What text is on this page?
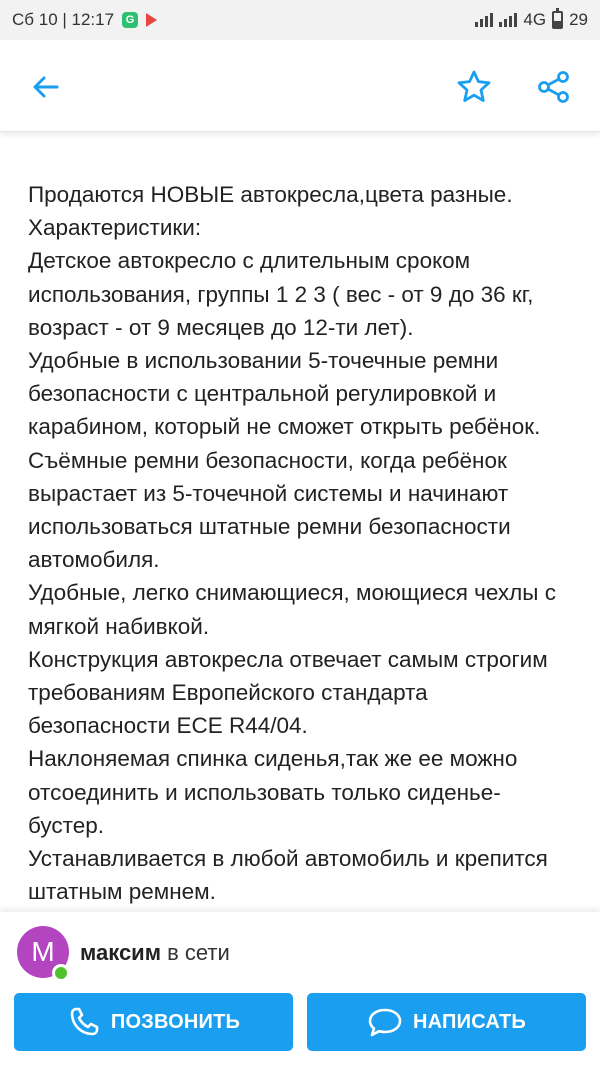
Сб 10 | 12:17	G	4G 29
Продаются НОВЫЕ автокресла,цвета разные.
Характеристики:
Детское автокресло с длительным сроком
использования, группы 1 2 3 ( вес - от 9 до 36 кг,
возраст - от 9 месяцев до 12-ти лет).
Удобные в использовании 5-точечные ремни
безопасности с центральной регулировкой и
карабином, который не сможет открыть ребёнок.
Съёмные ремни безопасности, когда ребёнок
вырастает из 5-точечной системы и начинают
использоваться штатные ремни безопасности
автомобиля.
Удобные, легко снимающиеся, моющиеся чехлы с
мягкой набивкой.
Конструкция автокресла отвечает самым строгим
требованиям Европейского стандарта
безопасности ECE R44/04.
Наклоняемая спинка сиденья,так же ее можно
отсоединить и использовать только сиденье-
бустер.
Устанавливается в любой автомобиль и крепится
штатным ремнем.
М	максим в сети
ПОЗВОНИТЬ	НАПИСАТЬ
